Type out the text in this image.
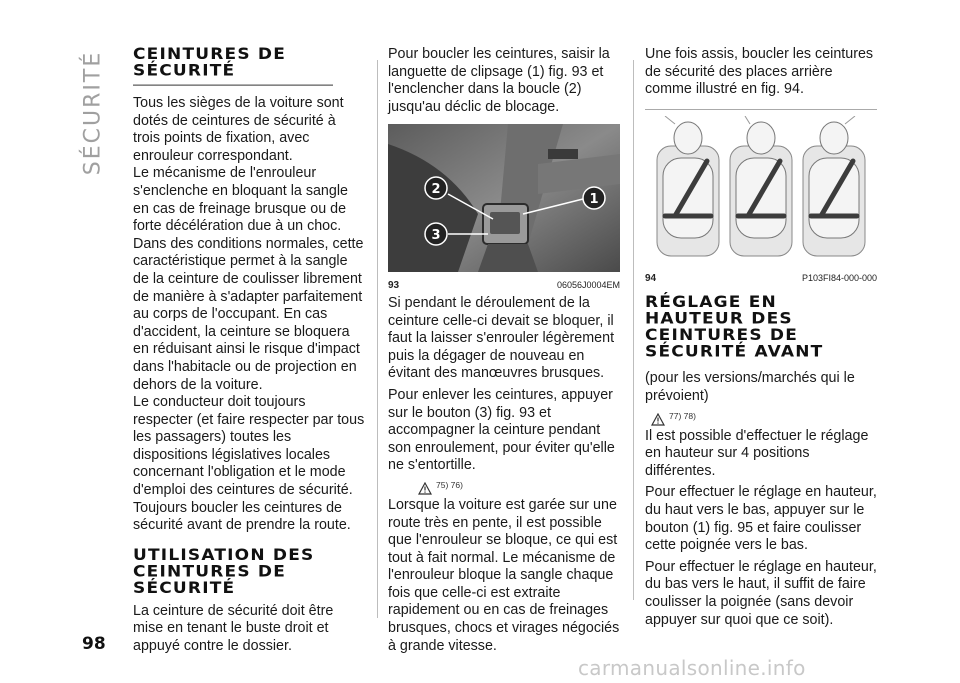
SÉCURITÉ CEINTURES DE SÉCURITÉ

Tous les sièges de la voiture sont dotés de ceintures de sécurité à trois points de fixation, avec enrouleur correspondant.

Le mécanisme de l'enrouleur s'enclenche en bloquant la sangle en cas de freinage brusque ou de forte décélération due à un choc. Dans des conditions normales, cette caractéristique permet à la sangle de la ceinture de coulisser librement de manière à s'adapter parfaitement au corps de l'occupant. En cas d'accident, la ceinture se bloquera en réduisant ainsi le risque d'impact dans l'habitacle ou de projection en dehors de la voiture.

Le conducteur doit toujours respecter (et faire respecter par tous les passagers) toutes les dispositions législatives locales concernant l'obligation et le mode d'emploi des ceintures de sécurité.

Toujours boucler les ceintures de sécurité avant de prendre la route.

UTILISATION DES CEINTURES DE SÉCURITÉ

La ceinture de sécurité doit être mise en tenant le buste droit et appuyé contre le dossier.

Pour boucler les ceintures, saisir la languette de clipsage (1) fig. 93 et l'enclencher dans la boucle (2) jusqu'au déclic de blocage.

2
1
3
93	06056J0004EM

Si pendant le déroulement de la ceinture celle-ci devait se bloquer, il faut la laisser s'enrouler légèrement puis la dégager de nouveau en évitant des manœuvres brusques.

Pour enlever les ceintures, appuyer sur le bouton (3) fig. 93 et accompagner la ceinture pendant son enroulement, pour éviter qu'elle ne s'entortille.

75) 76)

Lorsque la voiture est garée sur une route très en pente, il est possible que l'enrouleur se bloque, ce qui est tout à fait normal. Le mécanisme de l'enrouleur bloque la sangle chaque fois que celle-ci est extraite rapidement ou en cas de freinages brusques, chocs et virages négociés à grande vitesse.

Une fois assis, boucler les ceintures de sécurité des places arrière comme illustré en fig. 94.

94	P103FI84-000-000
RÉGLAGE EN HAUTEUR DES CEINTURES DE SÉCURITÉ AVANT

(pour les versions/marchés qui le prévoient)

77) 78)

Il est possible d'effectuer le réglage en hauteur sur 4 positions différentes.

Pour effectuer le réglage en hauteur, du haut vers le bas, appuyer sur le bouton (1) fig. 95 et faire coulisser cette poignée vers le bas.

Pour effectuer le réglage en hauteur, du bas vers le haut, il suffit de faire coulisser la poignée (sans devoir appuyer sur quoi que ce soit).

98
carmanualsonline.info
